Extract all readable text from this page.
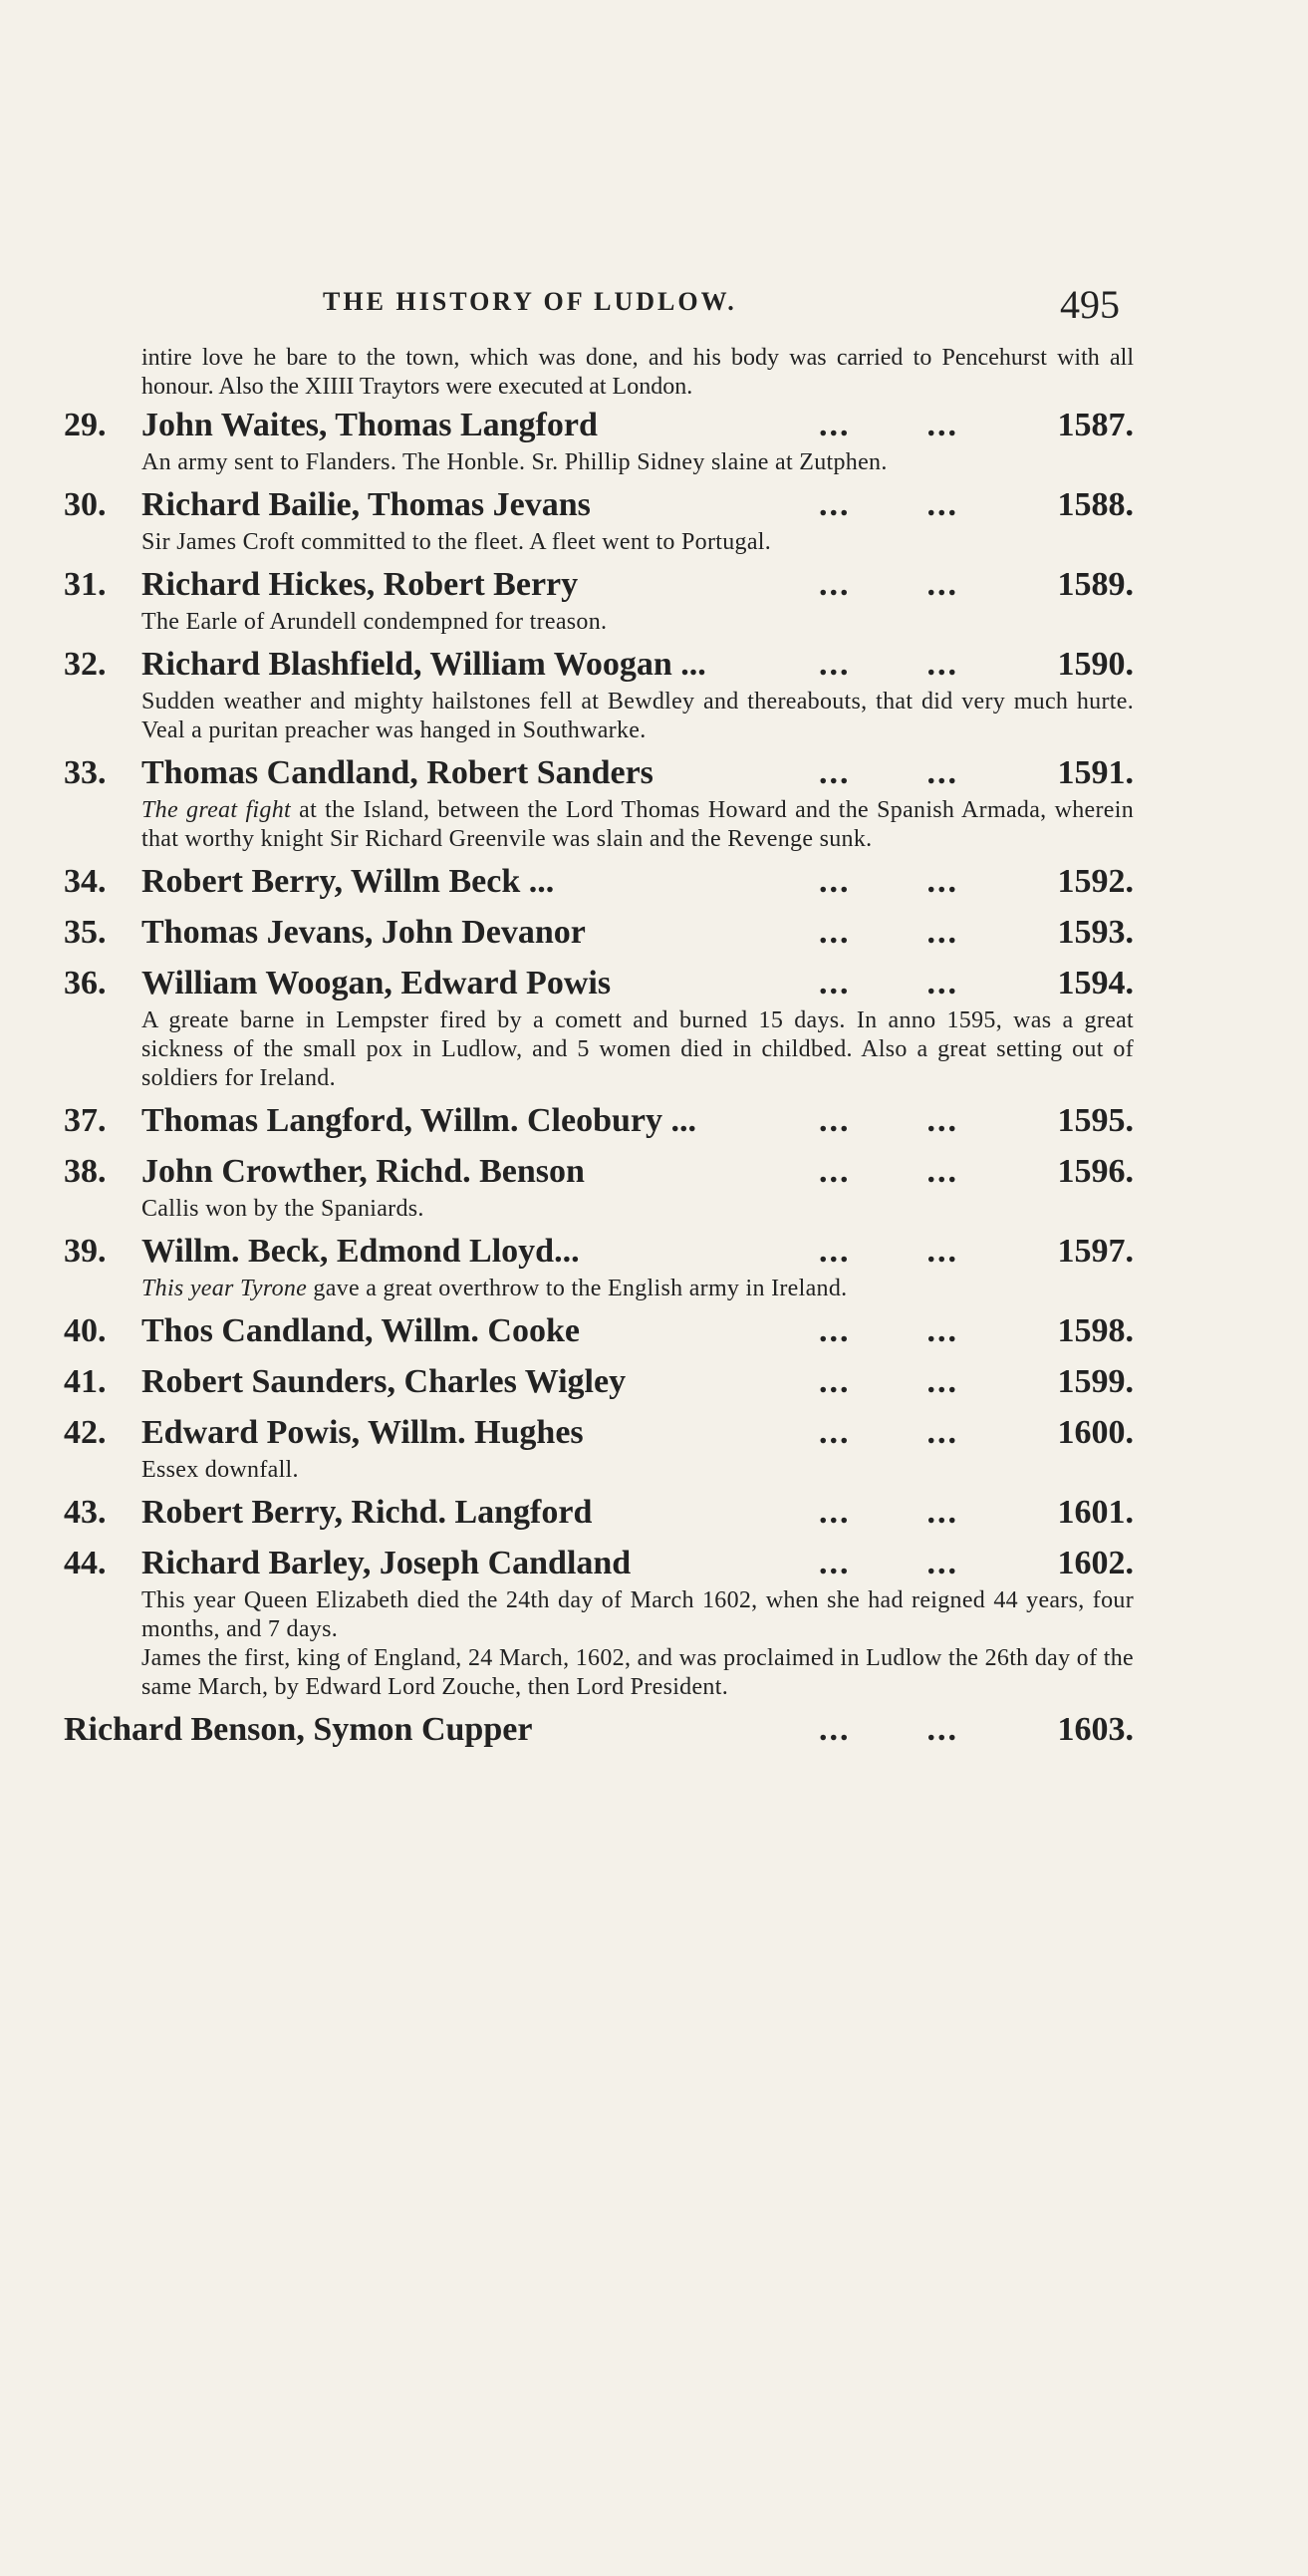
THE HISTORY OF LUDLOW.	495
intire love he bare to the town, which was done, and his body was carried to Pencehurst with all honour. Also the XIIII Traytors were executed at London.
29.	John Waites, Thomas Langford	... ...	1587.

An army sent to Flanders. The Honble. Sr. Phillip Sidney slaine at Zutphen.

30.	Richard Bailie, Thomas Jevans	... ...	1588.

Sir James Croft committed to the fleet. A fleet went to Portugal.

31.	Richard Hickes, Robert Berry	... ...	1589.

The Earle of Arundell condempned for treason.

32.	Richard Blashfield, William Woogan ...	... ...	1590.

Sudden weather and mighty hailstones fell at Bewdley and thereabouts, that did very much hurte. Veal a puritan preacher was hanged in Southwarke.

33.	Thomas Candland, Robert Sanders	... ...	1591.

The great fight at the Island, between the Lord Thomas Howard and the Spanish Armada, wherein that worthy knight Sir Richard Greenvile was slain and the Revenge sunk.

34.	Robert Berry, Willm Beck ...	... ...	1592.
35.	Thomas Jevans, John Devanor	... ...	1593.
36.	William Woogan, Edward Powis	... ...	1594.

A greate barne in Lempster fired by a comett and burned 15 days. In anno 1595, was a great sickness of the small pox in Ludlow, and 5 women died in childbed. Also a great setting out of soldiers for Ireland.

37.	Thomas Langford, Willm. Cleobury ...	... ...	1595.
38.	John Crowther, Richd. Benson	... ...	1596.

Callis won by the Spaniards.

39.	Willm. Beck, Edmond Lloyd...	... ...	1597.

This year Tyrone gave a great overthrow to the English army in Ireland.

40.	Thos Candland, Willm. Cooke	... ...	1598.
41.	Robert Saunders, Charles Wigley	... ...	1599.
42.	Edward Powis, Willm. Hughes	... ...	1600.

Essex downfall.

43.	Robert Berry, Richd. Langford	... ...	1601.
44.	Richard Barley, Joseph Candland	... ...	1602.

This year Queen Elizabeth died the 24th day of March 1602, when she had reigned 44 years, four months, and 7 days.

James the first, king of England, 24 March, 1602, and was proclaimed in Ludlow the 26th day of the same March, by Edward Lord Zouche, then Lord President.

Richard Benson, Symon Cupper	... ...	1603.
